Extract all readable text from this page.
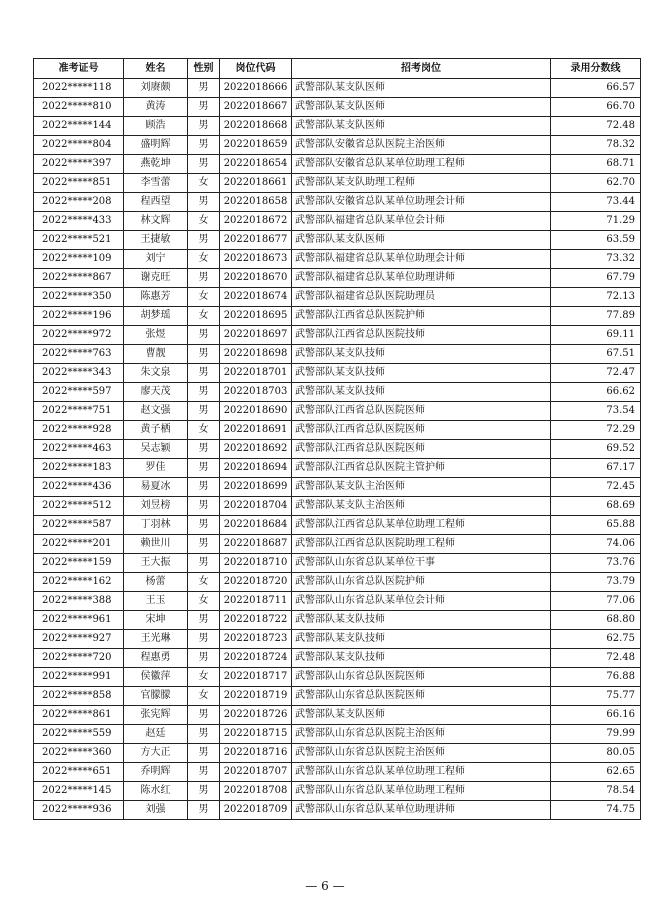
准考证号	姓名	性别	岗位代码	招考岗位	录用分数线
2022*****118	刘赓颇	男	2022018666	武警部队某支队医师	66.57
2022*****810	黄涛	男	2022018667	武警部队某支队医师	66.70
2022*****144	顾浩	男	2022018668	武警部队某支队医师	72.48
2022*****804	盛明辉	男	2022018659	武警部队安徽省总队医院主治医师	78.32
2022*****397	燕乾坤	男	2022018654	武警部队安徽省总队某单位助理工程师	68.71
2022*****851	李雪蕾	女	2022018661	武警部队某支队助理工程师	62.70
2022*****208	程西望	男	2022018658	武警部队安徽省总队某单位助理会计师	73.44
2022*****433	林文辉	女	2022018672	武警部队福建省总队某单位会计师	71.29
2022*****521	王捷敏	男	2022018677	武警部队某支队医师	63.59
2022*****109	刘宁	女	2022018673	武警部队福建省总队某单位助理会计师	73.32
2022*****867	谢克旺	男	2022018670	武警部队福建省总队某单位助理讲师	67.79
2022*****350	陈惠芳	女	2022018674	武警部队福建省总队医院助理员	72.13
2022*****196	胡梦瑶	女	2022018695	武警部队江西省总队医院护师	77.89
2022*****972	张煜	男	2022018697	武警部队江西省总队医院技师	69.11
2022*****763	曹靓	男	2022018698	武警部队某支队技师	67.51
2022*****343	朱文泉	男	2022018701	武警部队某支队技师	72.47
2022*****597	廖天茂	男	2022018703	武警部队某支队技师	66.62
2022*****751	赵文强	男	2022018690	武警部队江西省总队医院医师	73.54
2022*****928	黄子栖	女	2022018691	武警部队江西省总队医院医师	72.29
2022*****463	吴志颖	男	2022018692	武警部队江西省总队医院医师	69.52
2022*****183	罗佳	男	2022018694	武警部队江西省总队医院主管护师	67.17
2022*****436	易夏冰	男	2022018699	武警部队某支队主治医师	72.45
2022*****512	刘昱榜	男	2022018704	武警部队某支队主治医师	68.69
2022*****587	丁羽林	男	2022018684	武警部队江西省总队某单位助理工程师	65.88
2022*****201	赖世川	男	2022018687	武警部队江西省总队医院助理工程师	74.06
2022*****159	王大振	男	2022018710	武警部队山东省总队某单位干事	73.76
2022*****162	杨蕾	女	2022018720	武警部队山东省总队医院护师	73.79
2022*****388	王玉	女	2022018711	武警部队山东省总队某单位会计师	77.06
2022*****961	宋坤	男	2022018722	武警部队某支队技师	68.80
2022*****927	王光琳	男	2022018723	武警部队某支队技师	62.75
2022*****720	程惠勇	男	2022018724	武警部队某支队技师	72.48
2022*****991	侯徽萍	女	2022018717	武警部队山东省总队医院医师	76.88
2022*****858	官朦朦	女	2022018719	武警部队山东省总队医院医师	75.77
2022*****861	张宪辉	男	2022018726	武警部队某支队医师	66.16
2022*****559	赵廷	男	2022018715	武警部队山东省总队医院主治医师	79.99
2022*****360	方大正	男	2022018716	武警部队山东省总队医院主治医师	80.05
2022*****651	乔明辉	男	2022018707	武警部队山东省总队某单位助理工程师	62.65
2022*****145	陈水红	男	2022018708	武警部队山东省总队某单位助理工程师	78.54
2022*****936	刘强	男	2022018709	武警部队山东省总队某单位助理讲师	74.75
— 6 —
